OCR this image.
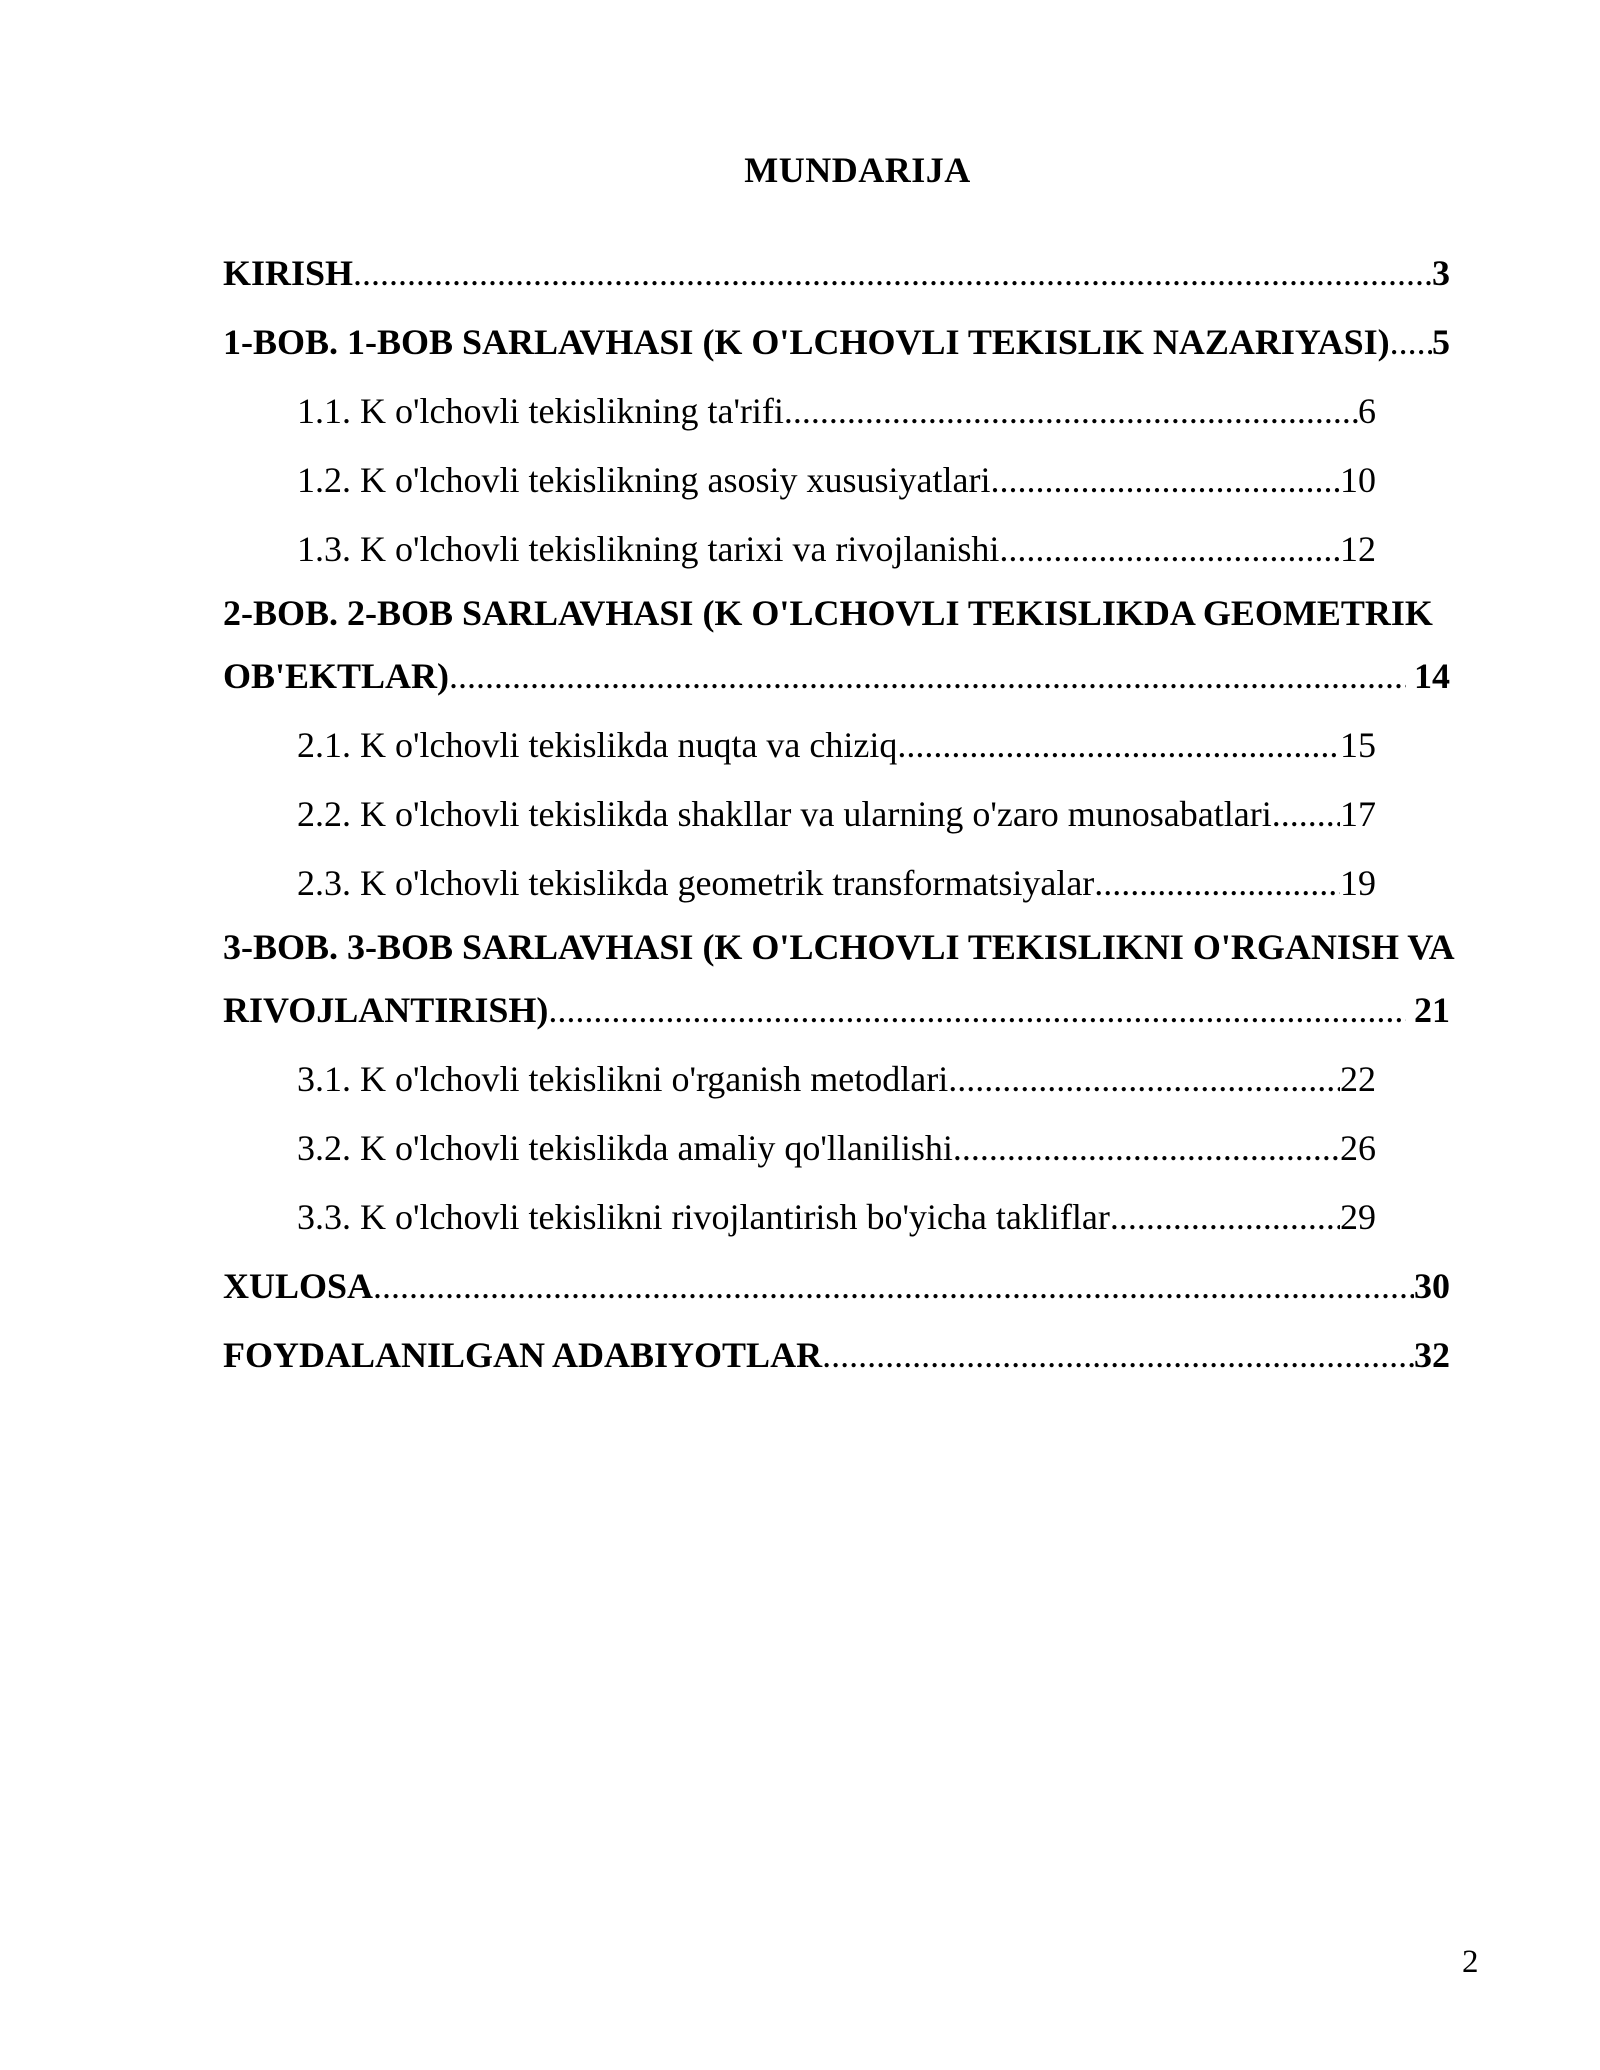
MUNDARIJA
KIRISH .....	3
1-BOB. 1-BOB SARLAVHASI (K O'LCHOVLI TEKISLIK NAZARIYASI) ..... 5
1.1. K o'lchovli tekislikning ta'rifi .....	6
1.2. K o'lchovli tekislikning asosiy xususiyatlari .....	10
1.3. K o'lchovli tekislikning tarixi va rivojlanishi .....	12
2-BOB. 2-BOB SARLAVHASI (K O'LCHOVLI TEKISLIKDA GEOMETRIK
OB'EKTLAR) .....	14
2.1. K o'lchovli tekislikda nuqta va chiziq .....	15
2.2. K o'lchovli tekislikda shakllar va ularning o'zaro munosabatlari ..... 17
2.3. K o'lchovli tekislikda geometrik transformatsiyalar .....	19
3-BOB. 3-BOB SARLAVHASI (K O'LCHOVLI TEKISLIKNI O'RGANISH VA
RIVOJLANTIRISH) .....	21
3.1. K o'lchovli tekislikni o'rganish metodlari .....	22
3.2. K o'lchovli tekislikda amaliy qo'llanilishi .....	26
3.3. K o'lchovli tekislikni rivojlantirish bo'yicha takliflar .....	29
XULOSA .....	30
FOYDALANILGAN ADABIYOTLAR .....	32
2
